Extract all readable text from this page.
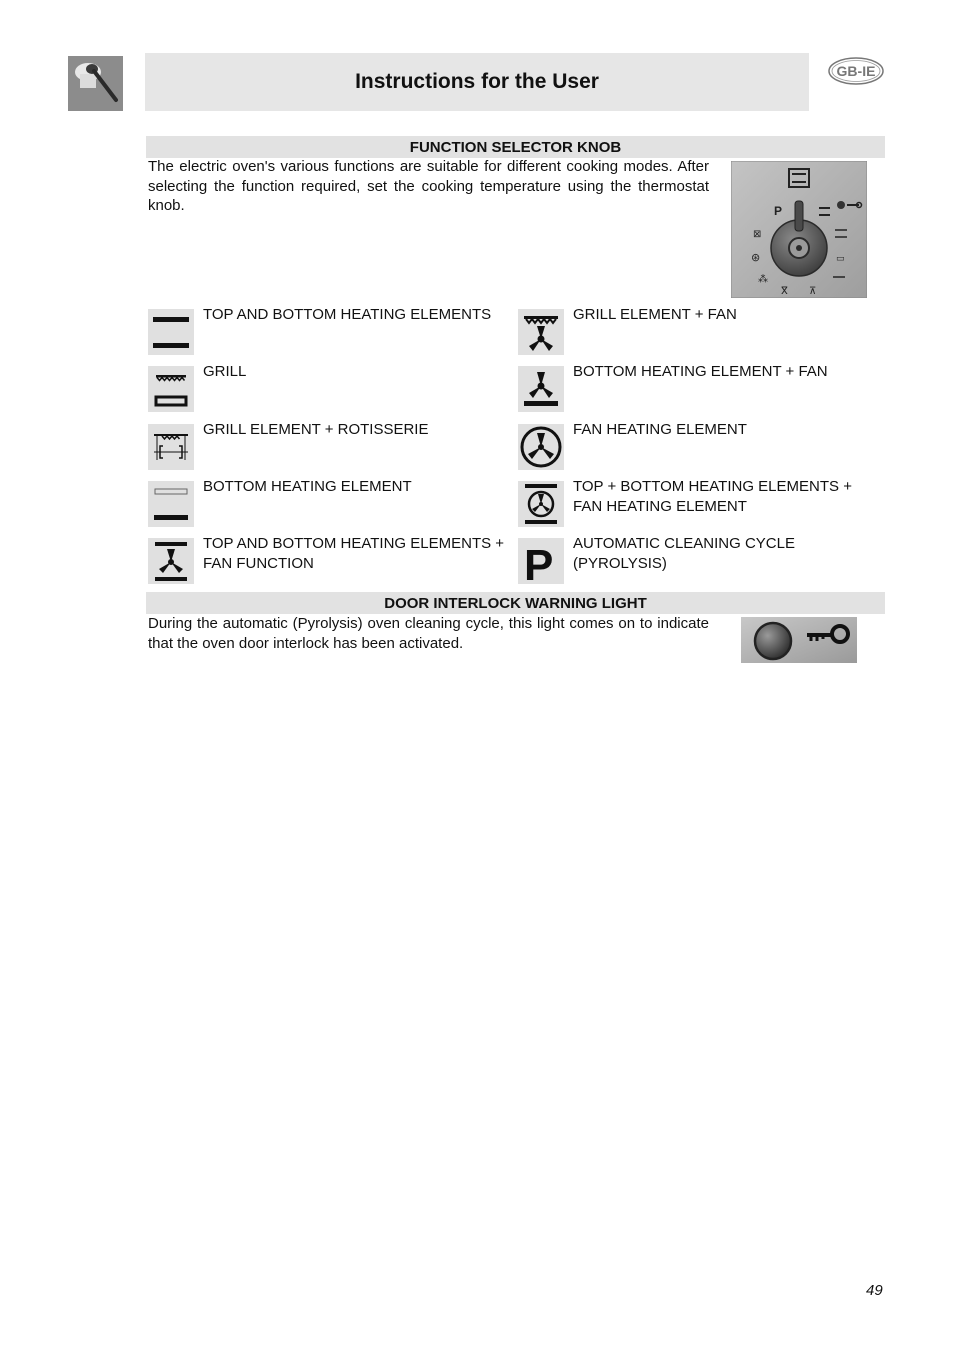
Instructions for the User	GB-IE
FUNCTION SELECTOR KNOB
The electric oven's various functions are suitable for different cooking modes. After selecting the function required, set the cooking temperature using the thermostat knob.	P
⊠
⊛
⁂
ⴳ ⊼
▭
TOP AND BOTTOM HEATING ELEMENTS	GRILL ELEMENT + FAN
GRILL	BOTTOM HEATING ELEMENT + FAN
GRILL ELEMENT + ROTISSERIE	FAN HEATING ELEMENT
BOTTOM HEATING ELEMENT	TOP + BOTTOM HEATING ELEMENTS + FAN HEATING ELEMENT
TOP AND BOTTOM HEATING ELEMENTS + FAN FUNCTION	P AUTOMATIC CLEANING CYCLE (PYROLYSIS)
DOOR INTERLOCK WARNING LIGHT
During the automatic (Pyrolysis) oven cleaning cycle, this light comes on to indicate that the oven door interlock has been activated.
49
